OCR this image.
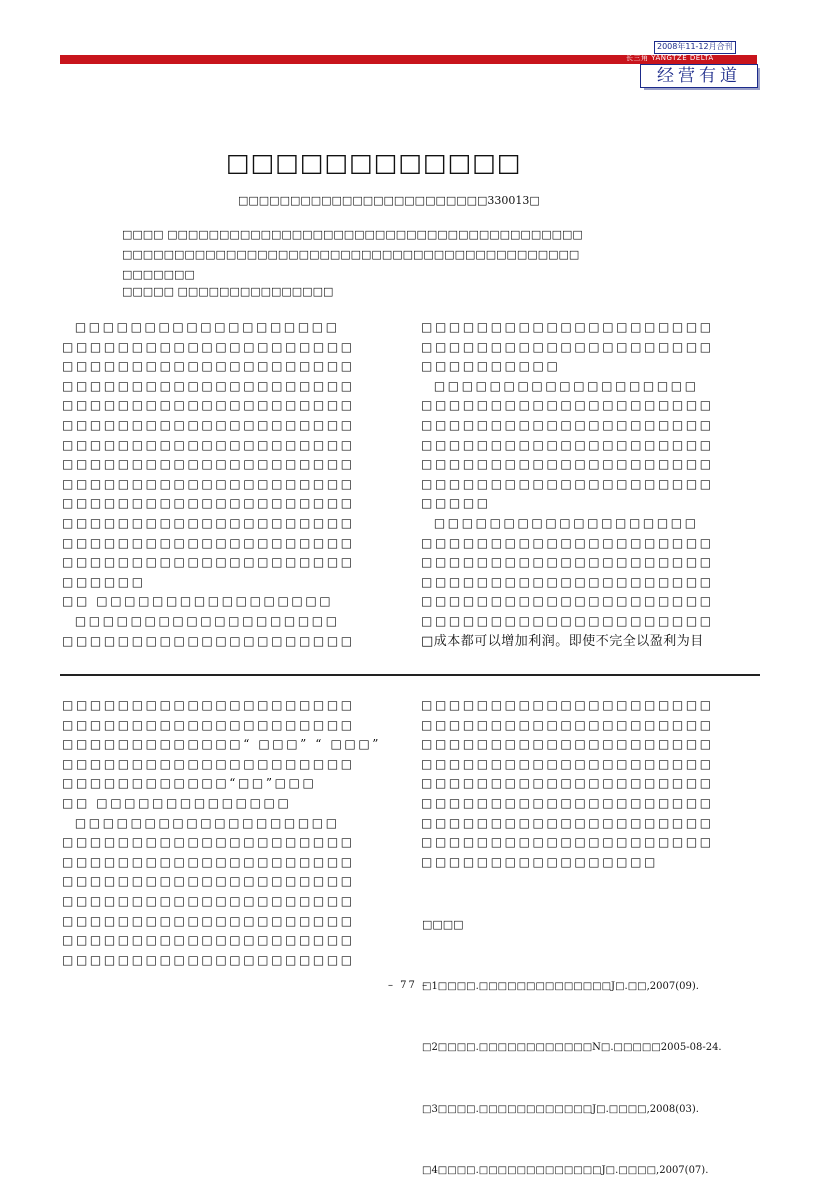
2008年11-12月合刊
长三角 YANGTZE DELTA
经营有道
□□□□□□□□□□□□
□□□□□□□□□□□□□□□□□□□□□□□□330013□
□□□□ □□□□□□□□□□□□□□□□□□□□□□□□□□□□□□□□□□□□□□□□
□□□□□□□□□□□□□□□□□□□□□□□□□□□□□□□□□□□□□□□□□□□□
□□□□□□□
□□□□□ □□□□□□□□□□□□□□□

□□□□□□□□□□□□□□□□□□□

□□□□□□□□□□□□□□□□□□□□□

□□□□□□□□□□□□□□□□□□□□□

□□□□□□□□□□□□□□□□□□□□□

□□□□□□□□□□□□□□□□□□□□□

□□□□□□□□□□□□□□□□□□□□□

□□□□□□□□□□□□□□□□□□□□□

□□□□□□□□□□□□□□□□□□□□□

□□□□□□□□□□□□□□□□□□□□□

□□□□□□□□□□□□□□□□□□□□□

□□□□□□□□□□□□□□□□□□□□□

□□□□□□□□□□□□□□□□□□□□□

□□□□□□□□□□□□□□□□□□□□□

□□□□□□

□□ □□□□□□□□□□□□□□□□□

□□□□□□□□□□□□□□□□□□□

□□□□□□□□□□□□□□□□□□□□□

□□□□□□□□□□□□□□□□□□□□□

□□□□□□□□□□□□□□□□□□□□□

□□□□□□□□□□

□□□□□□□□□□□□□□□□□□□

□□□□□□□□□□□□□□□□□□□□□

□□□□□□□□□□□□□□□□□□□□□

□□□□□□□□□□□□□□□□□□□□□

□□□□□□□□□□□□□□□□□□□□□

□□□□□□□□□□□□□□□□□□□□□

□□□□□

□□□□□□□□□□□□□□□□□□□

□□□□□□□□□□□□□□□□□□□□□

□□□□□□□□□□□□□□□□□□□□□

□□□□□□□□□□□□□□□□□□□□□

□□□□□□□□□□□□□□□□□□□□□

□□□□□□□□□□□□□□□□□□□□□

□成本都可以增加利润。即使不完全以盈利为目

□□□□□□□□□□□□□□□□□□□□□

□□□□□□□□□□□□□□□□□□□□□

□□□□□□□□□□□□□“ □□□” “ □□□”

□□□□□□□□□□□□□□□□□□□□□

□□□□□□□□□□□□“□□”□□□

□□ □□□□□□□□□□□□□□

□□□□□□□□□□□□□□□□□□□

□□□□□□□□□□□□□□□□□□□□□

□□□□□□□□□□□□□□□□□□□□□

□□□□□□□□□□□□□□□□□□□□□

□□□□□□□□□□□□□□□□□□□□□

□□□□□□□□□□□□□□□□□□□□□

□□□□□□□□□□□□□□□□□□□□□

□□□□□□□□□□□□□□□□□□□□□

□□□□□□□□□□□□□□□□□□□□□

□□□□□□□□□□□□□□□□□□□□□

□□□□□□□□□□□□□□□□□□□□□

□□□□□□□□□□□□□□□□□□□□□

□□□□□□□□□□□□□□□□□□□□□

□□□□□□□□□□□□□□□□□□□□□

□□□□□□□□□□□□□□□□□□□□□

□□□□□□□□□□□□□□□□□□□□□

□□□□□□□□□□□□□□□□□

□□□□

□1□□□□.□□□□□□□□□□□□□□J□.□□,2007(09).

□2□□□□.□□□□□□□□□□□□N□.□□□□□2005-08-24.

□3□□□□.□□□□□□□□□□□□J□.□□□□,2008(03).

□4□□□□.□□□□□□□□□□□□□J□.□□□□,2007(07).

– 77 –
